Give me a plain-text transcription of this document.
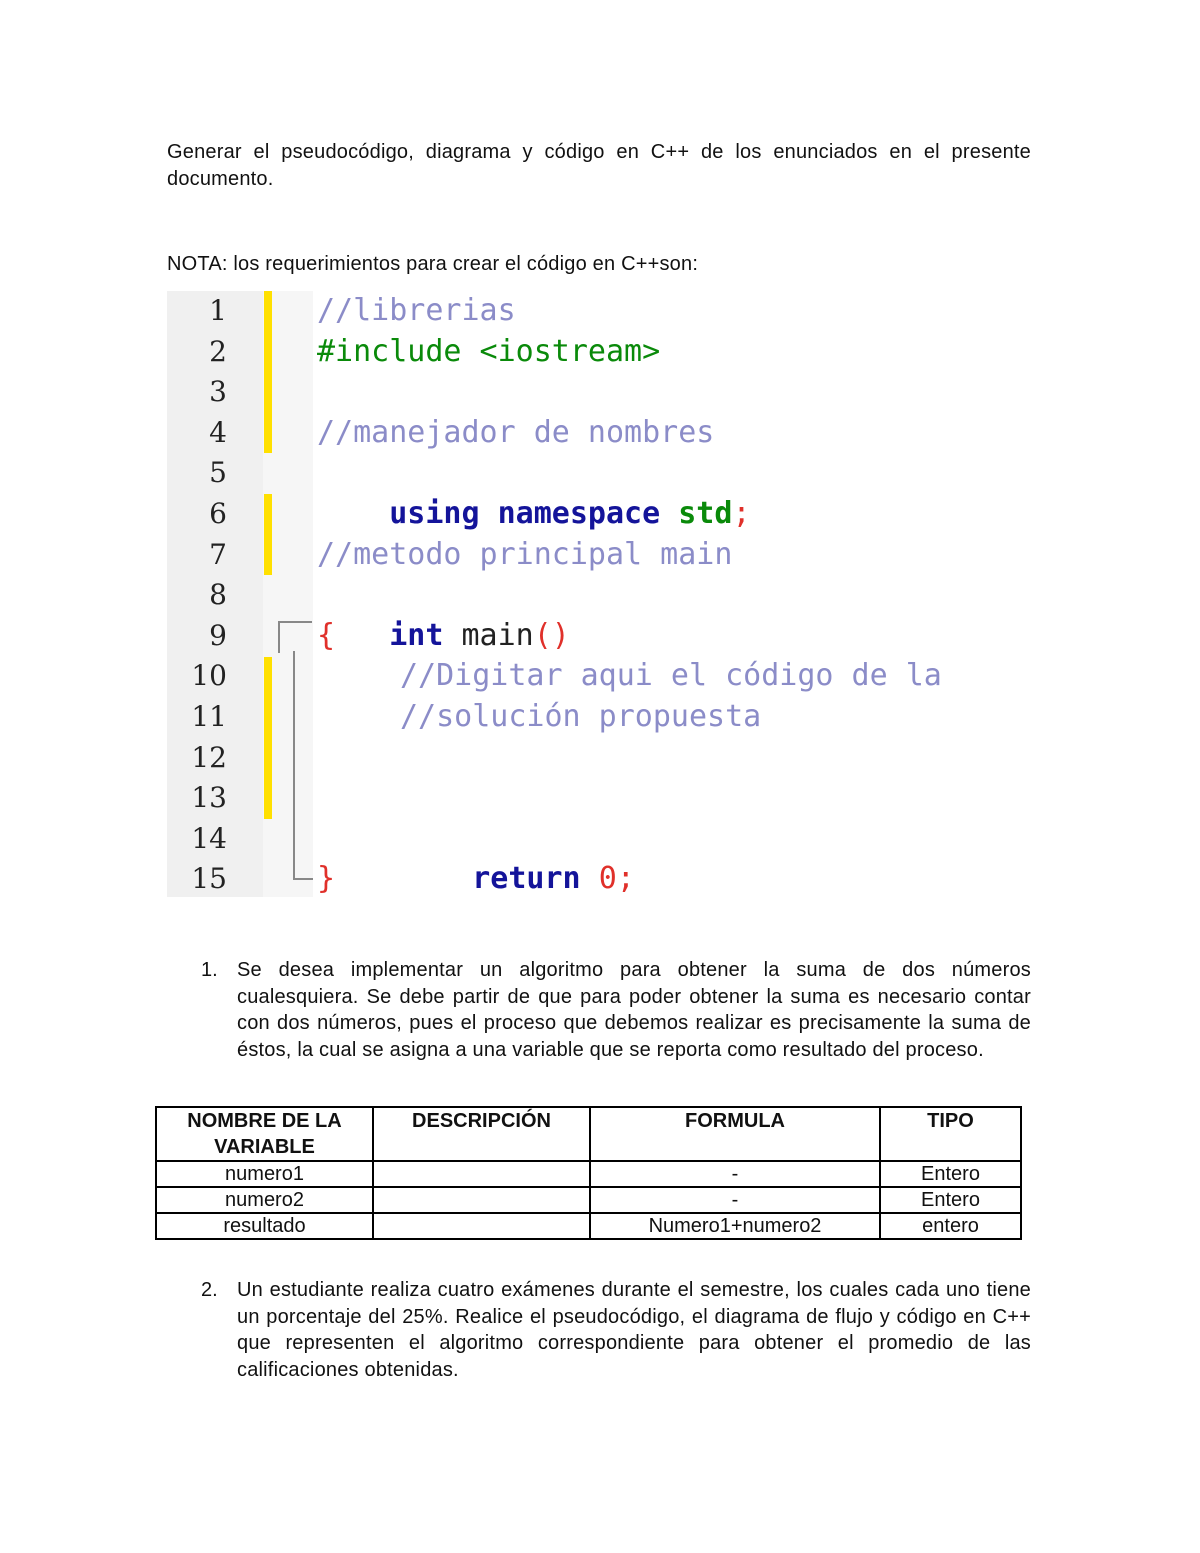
Generar el pseudocódigo, diagrama y código en C++ de los enunciados en el presente documento.
NOTA: los requerimientos para crear el código en C++son:
1
2
3
4
5
6
7
8
9
10
11
12
13
14
15
//librerias
#include <iostream>
//manejador de nombres

using namespace std;

//metodo principal main

int main()

{
//Digitar aqui el código de la
//solución propuesta

return 0;

}
1. Se desea implementar un algoritmo para obtener la suma de dos números cualesquiera. Se debe partir de que para poder obtener la suma es necesario contar con dos números, pues el proceso que debemos realizar es precisamente la suma de éstos, la cual se asigna a una variable que se reporta como resultado del proceso.
NOMBRE DE LA VARIABLE	DESCRIPCIÓN	FORMULA	TIPO
numero1		-	Entero
numero2		-	Entero
resultado		Numero1+numero2	entero
2. Un estudiante realiza cuatro exámenes durante el semestre, los cuales cada uno tiene un porcentaje del 25%. Realice el pseudocódigo, el diagrama de flujo y código en C++ que representen el algoritmo correspondiente para obtener el promedio de las calificaciones obtenidas.
